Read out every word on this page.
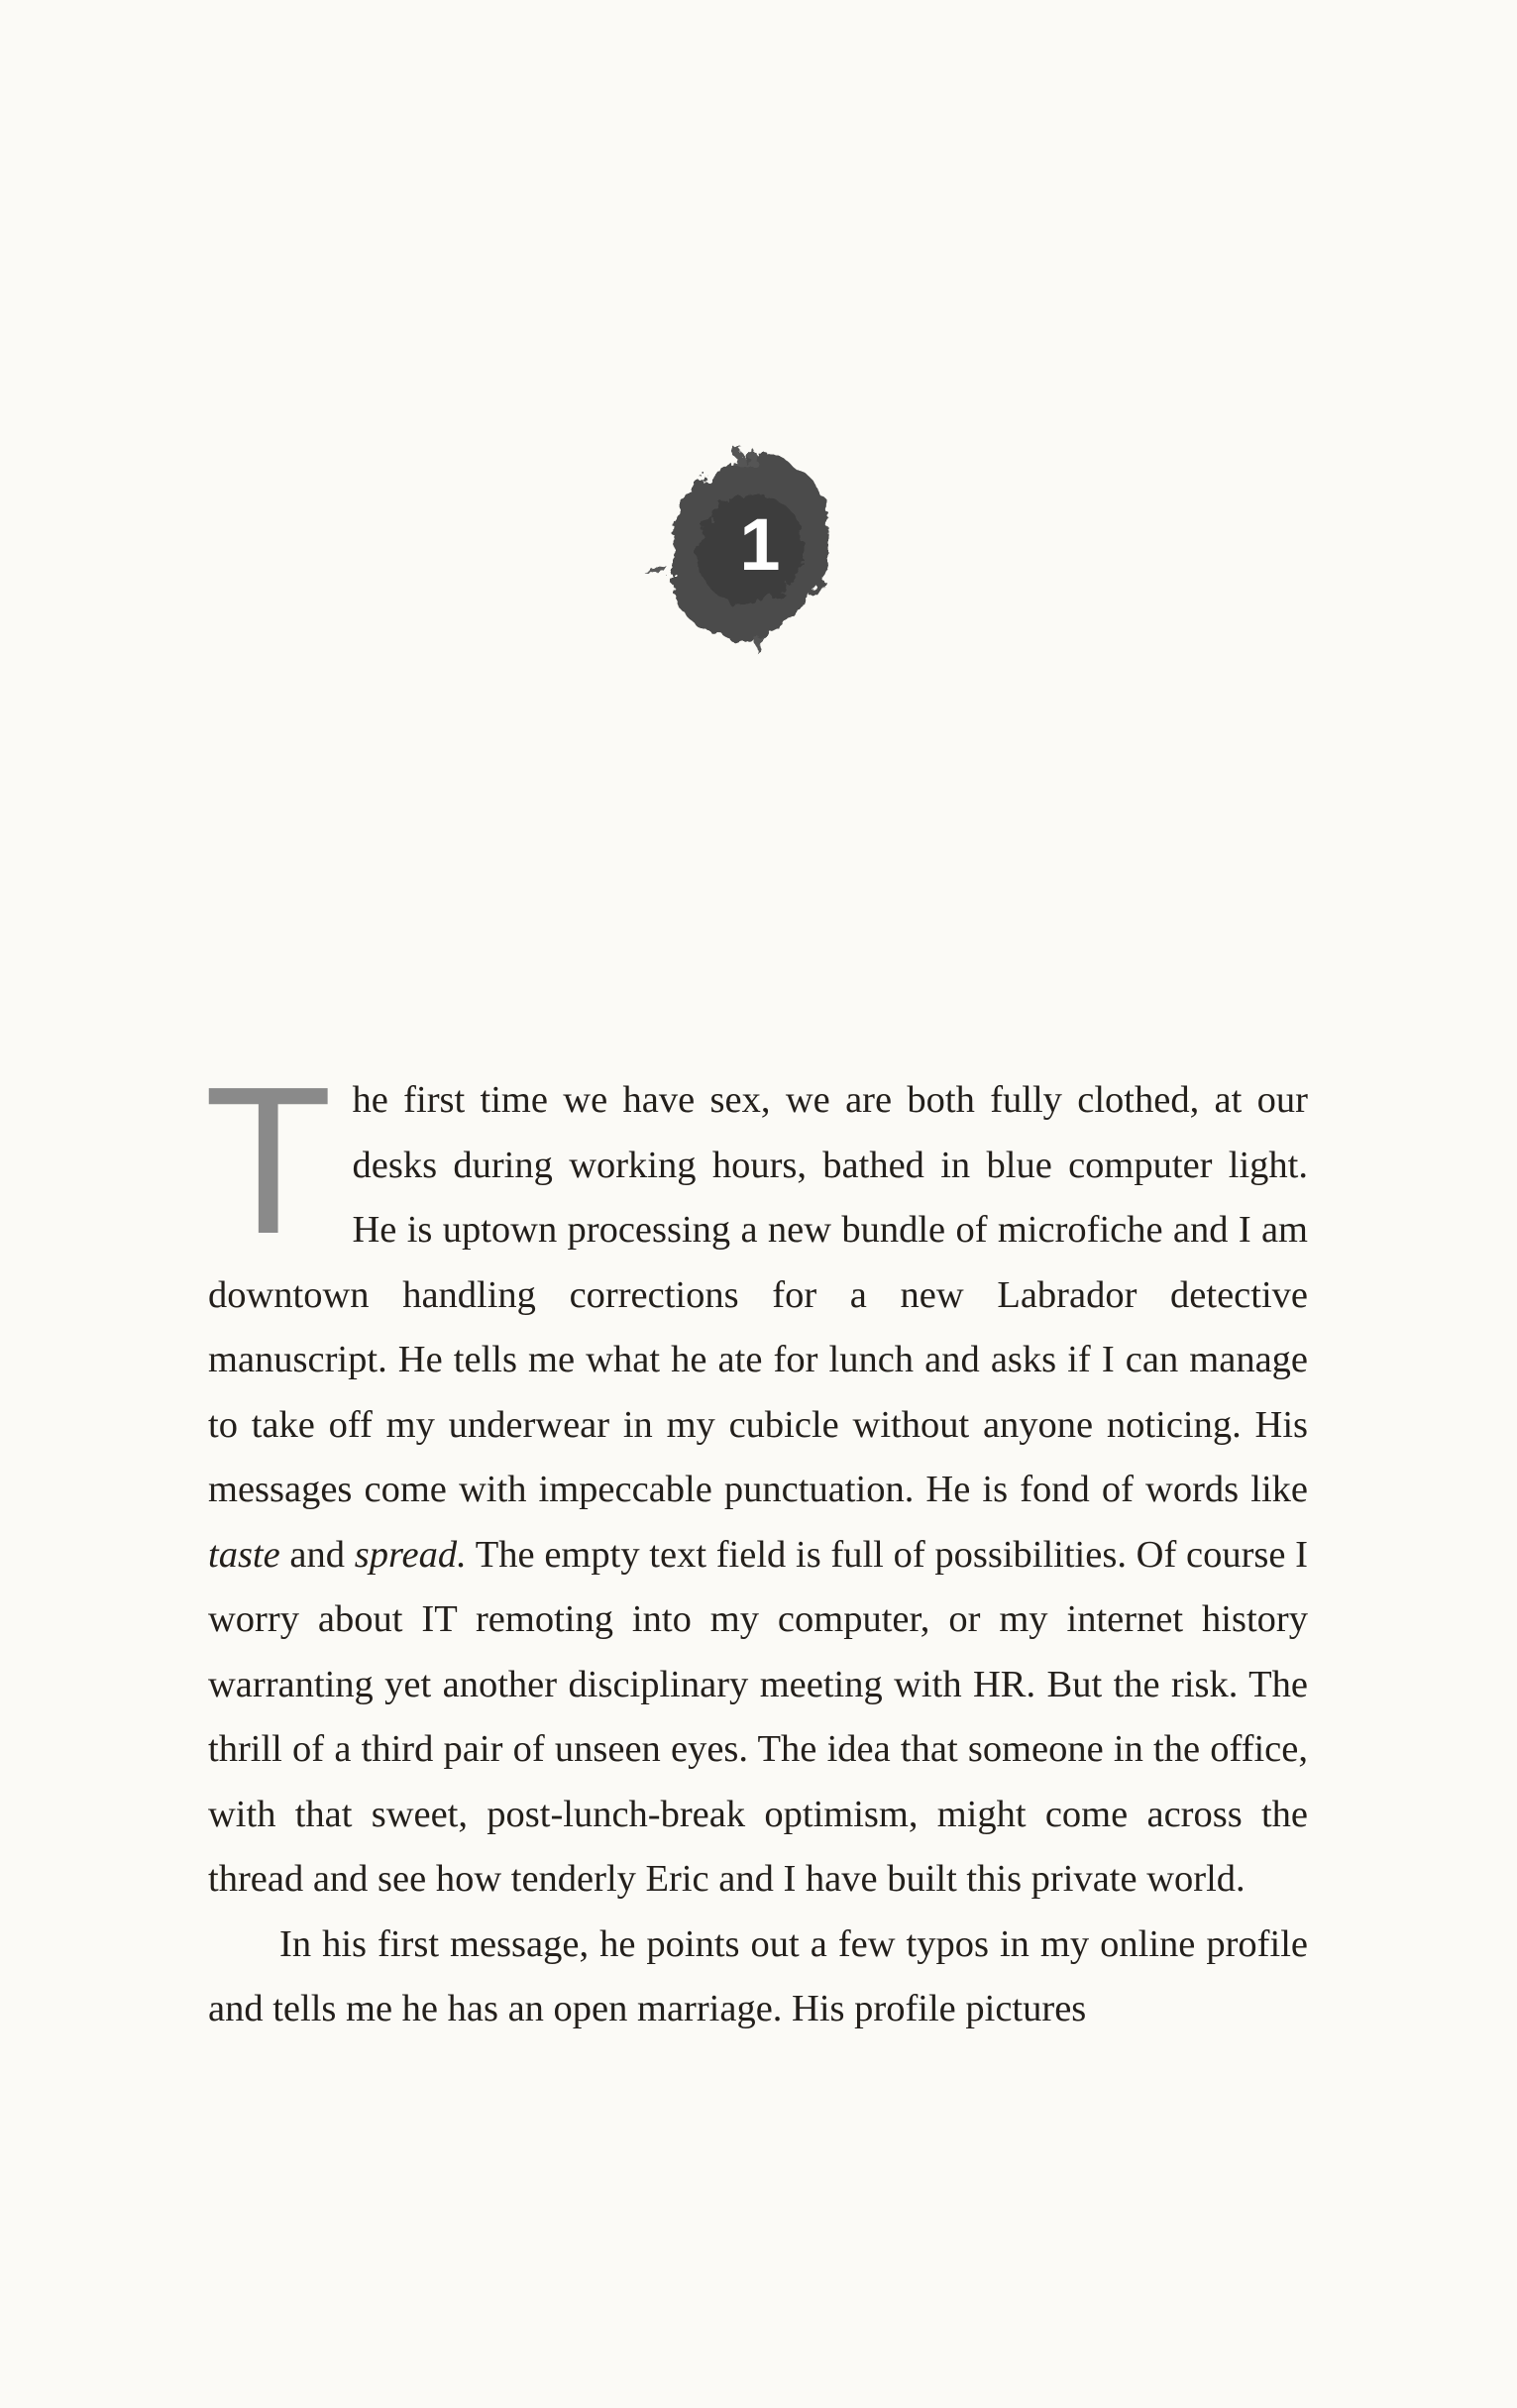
1

The first time we have sex, we are both fully clothed, at our desks during working hours, bathed in blue computer light. He is uptown processing a new bundle of microfiche and I am downtown handling corrections for a new Labrador detective manuscript. He tells me what he ate for lunch and asks if I can manage to take off my underwear in my cubicle without anyone noticing. His messages come with impeccable punctuation. He is fond of words like taste and spread. The empty text field is full of possibilities. Of course I worry about IT remoting into my computer, or my internet history warranting yet another disciplinary meeting with HR. But the risk. The thrill of a third pair of unseen eyes. The idea that someone in the office, with that sweet, post-lunch-break optimism, might come across the thread and see how tenderly Eric and I have built this private world.

In his first message, he points out a few typos in my online profile and tells me he has an open marriage. His profile pictures
